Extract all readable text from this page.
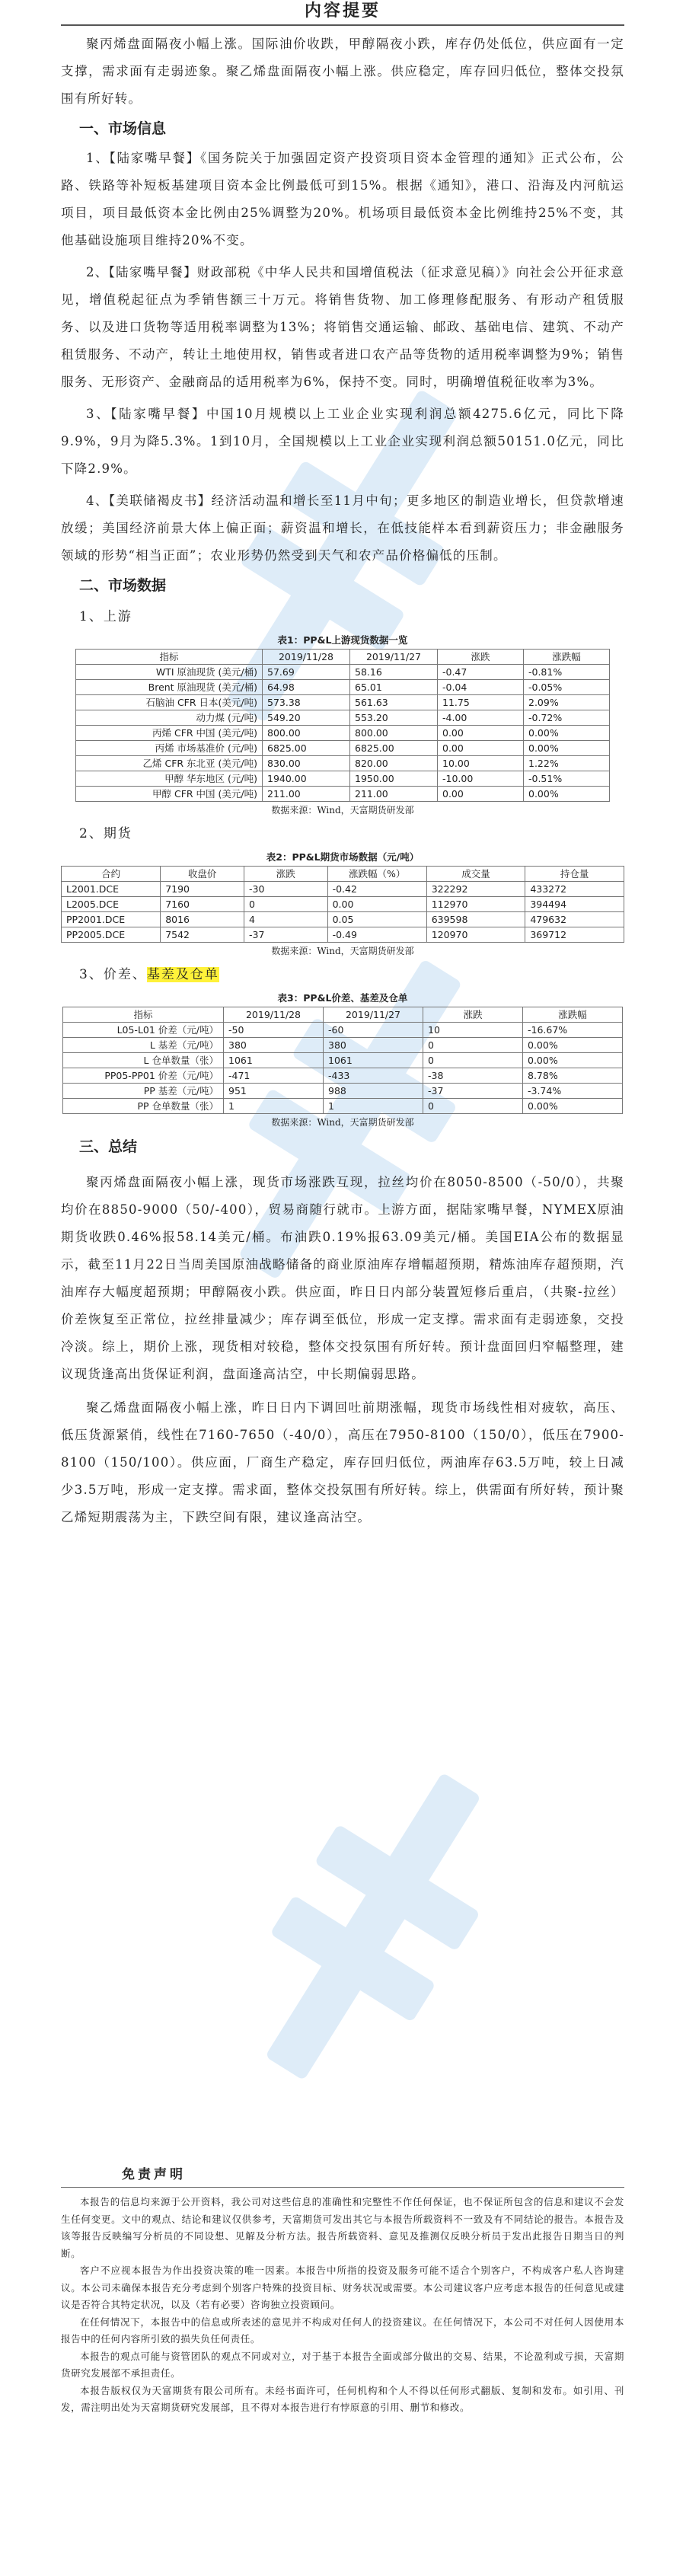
内容提要

聚丙烯盘面隔夜小幅上涨。国际油价收跌，甲醇隔夜小跌，库存仍处低位，供应面有一定支撑，需求面有走弱迹象。聚乙烯盘面隔夜小幅上涨。供应稳定，库存回归低位，整体交投氛围有所好转。

一、市场信息

1、【陆家嘴早餐】《国务院关于加强固定资产投资项目资本金管理的通知》正式公布，公路、铁路等补短板基建项目资本金比例最低可到15%。根据《通知》，港口、沿海及内河航运项目，项目最低资本金比例由25%调整为20%。机场项目最低资本金比例维持25%不变，其他基础设施项目维持20%不变。

2、【陆家嘴早餐】财政部税《中华人民共和国增值税法（征求意见稿）》向社会公开征求意见，增值税起征点为季销售额三十万元。将销售货物、加工修理修配服务、有形动产租赁服务、以及进口货物等适用税率调整为13%；将销售交通运输、邮政、基础电信、建筑、不动产租赁服务、不动产，转让土地使用权，销售或者进口农产品等货物的适用税率调整为9%；销售服务、无形资产、金融商品的适用税率为6%，保持不变。同时，明确增值税征收率为3%。

3、【陆家嘴早餐】中国10月规模以上工业企业实现利润总额4275.6亿元，同比下降9.9%，9月为降5.3%。1到10月，全国规模以上工业企业实现利润总额50151.0亿元，同比下降2.9%。

4、【美联储褐皮书】经济活动温和增长至11月中旬；更多地区的制造业增长，但贷款增速放缓；美国经济前景大体上偏正面；薪资温和增长，在低技能样本看到薪资压力；非金融服务领域的形势“相当正面”；农业形势仍然受到天气和农产品价格偏低的压制。

二、市场数据
1、上游
表1：PP&L上游现货数据一览
指标	2019/11/28	2019/11/27	涨跌	涨跌幅
WTI 原油现货 (美元/桶)	57.69	58.16	-0.47	-0.81%
Brent 原油现货 (美元/桶)	64.98	65.01	-0.04	-0.05%
石脑油 CFR 日本(美元/吨)	573.38	561.63	11.75	2.09%
动力煤 (元/吨)	549.20	553.20	-4.00	-0.72%
丙烯 CFR 中国 (美元/吨)	800.00	800.00	0.00	0.00%
丙烯 市场基准价 (元/吨)	6825.00	6825.00	0.00	0.00%
乙烯 CFR 东北亚 (美元/吨)	830.00	820.00	10.00	1.22%
甲醇 华东地区 (元/吨)	1940.00	1950.00	-10.00	-0.51%
甲醇 CFR 中国 (美元/吨)	211.00	211.00	0.00	0.00%
数据来源：Wind，天富期货研发部
2、期货
表2：PP&L期货市场数据（元/吨）
合约	收盘价	涨跌	涨跌幅（%）	成交量	持仓量
L2001.DCE	7190	-30	-0.42	322292	433272
L2005.DCE	7160	0	0.00	112970	394494
PP2001.DCE	8016	4	0.05	639598	479632
PP2005.DCE	7542	-37	-0.49	120970	369712
数据来源：Wind，天富期货研发部
3、价差、基差及仓单
表3：PP&L价差、基差及仓单
指标	2019/11/28	2019/11/27	涨跌	涨跌幅
L05-L01 价差（元/吨）	-50	-60	10	-16.67%
L 基差（元/吨）	380	380	0	0.00%
L 仓单数量（张）	1061	1061	0	0.00%
PP05-PP01 价差（元/吨）	-471	-433	-38	8.78%
PP 基差（元/吨）	951	988	-37	-3.74%
PP 仓单数量（张）	1	1	0	0.00%
数据来源：Wind，天富期货研发部
三、总结

聚丙烯盘面隔夜小幅上涨，现货市场涨跌互现，拉丝均价在8050-8500（-50/0），共聚均价在8850-9000（50/-400），贸易商随行就市。上游方面，据陆家嘴早餐，NYMEX原油期货收跌0.46%报58.14美元/桶。布油跌0.19%报63.09美元/桶。美国EIA公布的数据显示，截至11月22日当周美国原油战略储备的商业原油库存增幅超预期，精炼油库存超预期，汽油库存大幅度超预期；甲醇隔夜小跌。供应面，昨日日内部分装置短修后重启，（共聚-拉丝）价差恢复至正常位，拉丝排量减少；库存调至低位，形成一定支撑。需求面有走弱迹象，交投冷淡。综上，期价上涨，现货相对较稳，整体交投氛围有所好转。预计盘面回归窄幅整理，建议现货逢高出货保证利润，盘面逢高沽空，中长期偏弱思路。

聚乙烯盘面隔夜小幅上涨，昨日日内下调回吐前期涨幅，现货市场线性相对疲软，高压、低压货源紧俏，线性在7160-7650（-40/0），高压在7950-8100（150/0），低压在7900-8100（150/100）。供应面，厂商生产稳定，库存回归低位，两油库存63.5万吨，较上日减少3.5万吨，形成一定支撑。需求面，整体交投氛围有所好转。综上，供需面有所好转，预计聚乙烯短期震荡为主，下跌空间有限，建议逢高沽空。

免责声明

本报告的信息均来源于公开资料，我公司对这些信息的准确性和完整性不作任何保证，也不保证所包含的信息和建议不会发生任何变更。文中的观点、结论和建议仅供参考，天富期货可发出其它与本报告所载资料不一致及有不同结论的报告。本报告及该等报告反映编写分析员的不同设想、见解及分析方法。报告所载资料、意见及推测仅反映分析员于发出此报告日期当日的判断。

客户不应视本报告为作出投资决策的唯一因素。本报告中所指的投资及服务可能不适合个别客户，不构成客户私人咨询建议。本公司未确保本报告充分考虑到个别客户特殊的投资目标、财务状况或需要。本公司建议客户应考虑本报告的任何意见或建议是否符合其特定状况，以及（若有必要）咨询独立投资顾问。

在任何情况下，本报告中的信息或所表述的意见并不构成对任何人的投资建议。在任何情况下，本公司不对任何人因使用本报告中的任何内容所引致的损失负任何责任。

本报告的观点可能与资管团队的观点不同或对立，对于基于本报告全面或部分做出的交易、结果，不论盈利或亏损，天富期货研究发展部不承担责任。

本报告版权仅为天富期货有限公司所有。未经书面许可，任何机构和个人不得以任何形式翻版、复制和发布。如引用、刊发，需注明出处为天富期货研究发展部，且不得对本报告进行有悖原意的引用、删节和修改。
